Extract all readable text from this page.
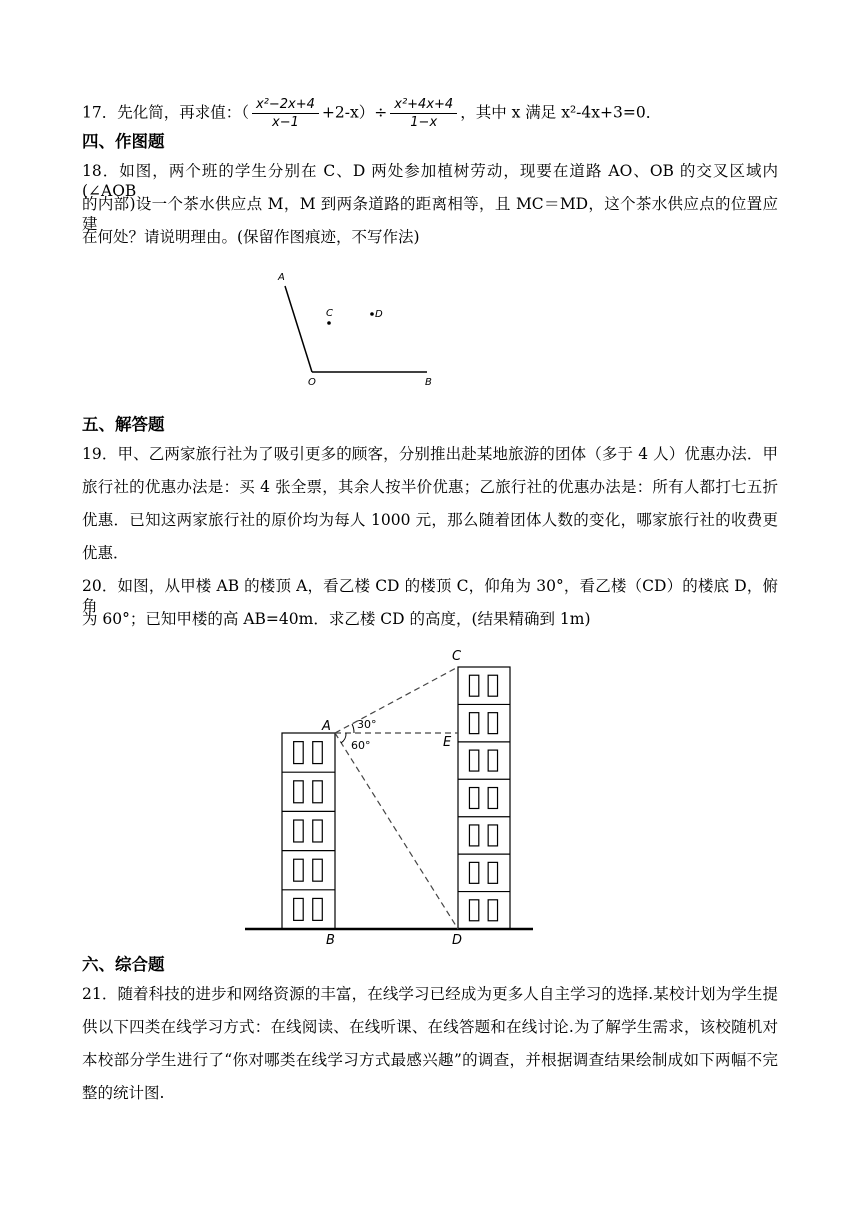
17．先化简，再求值：（ $\frac{\text{x²−2x+4}}{x-1} +2-x)\div \frac{\text{x²+4x+4}}{1-x}$ ，其中 x 满足 x²-4x+3=0．
四、作图题
18．如图，两个班的学生分别在 C、D 两处参加植树劳动，现要在道路 AO、OB 的交叉区域内(∠AOB
的内部)设一个茶水供应点 M，M 到两条道路的距离相等，且 MC＝MD，这个茶水供应点的位置应建
在何处？请说明理由。(保留作图痕迹，不写作法)
A
C	D
O	B
五、解答题
19．甲、乙两家旅行社为了吸引更多的顾客，分别推出赴某地旅游的团体（多于 4 人）优惠办法．甲
旅行社的优惠办法是：买 4 张全票，其余人按半价优惠；乙旅行社的优惠办法是：所有人都打七五折
优惠．已知这两家旅行社的原价均为每人 1000 元，那么随着团体人数的变化，哪家旅行社的收费更
优惠．
20．如图，从甲楼 AB 的楼顶 A，看乙楼 CD 的楼顶 C，仰角为 30°，看乙楼（CD）的楼底 D，俯角
为 60°；已知甲楼的高 AB=40m．求乙楼 CD 的高度，(结果精确到 1m)
A 30°
60°
C
E
B	D
六、综合题
21．随着科技的进步和网络资源的丰富，在线学习已经成为更多人自主学习的选择.某校计划为学生提
供以下四类在线学习方式：在线阅读、在线听课、在线答题和在线讨论.为了解学生需求，该校随机对
本校部分学生进行了“你对哪类在线学习方式最感兴趣”的调查，并根据调查结果绘制成如下两幅不完
整的统计图.
